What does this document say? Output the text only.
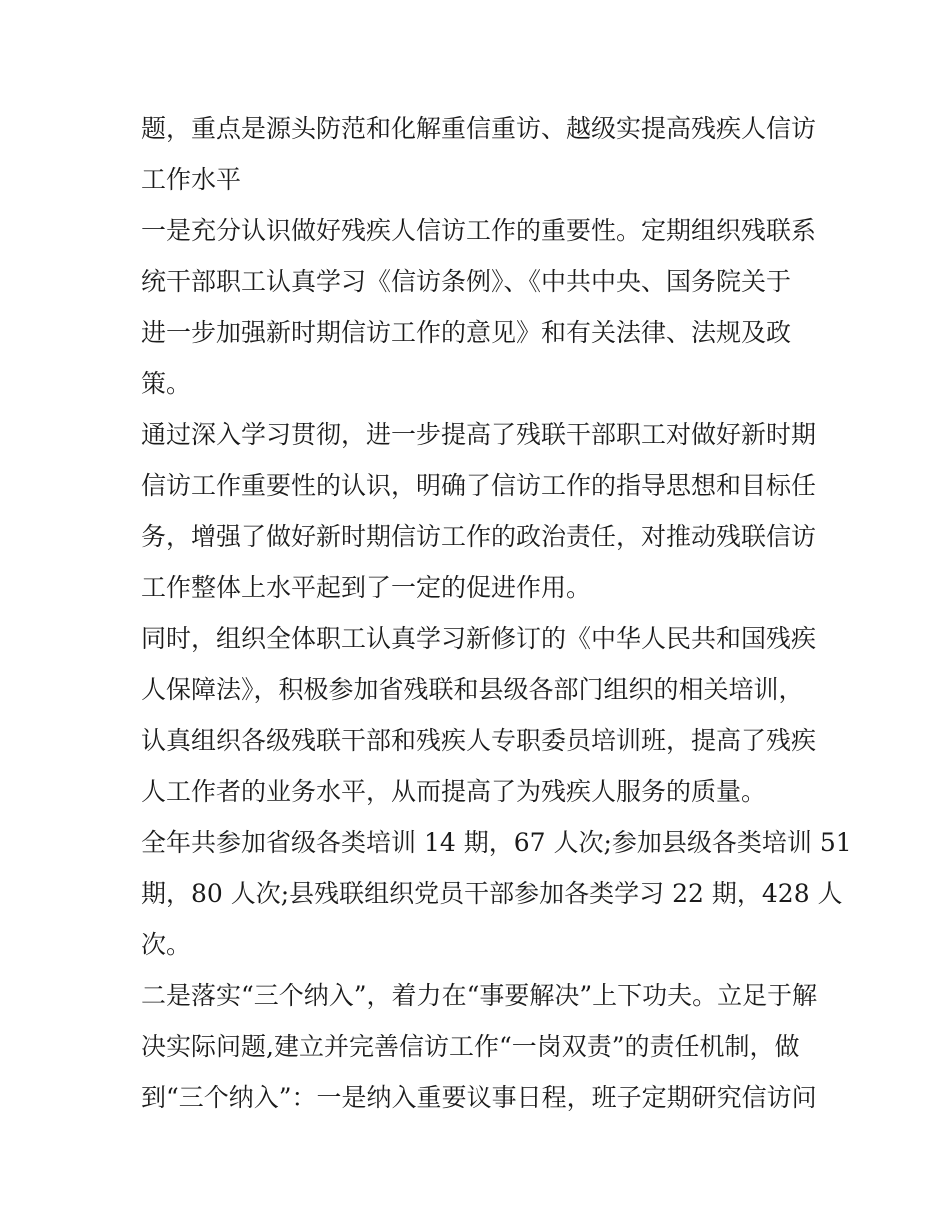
题，重点是源头防范和化解重信重访、越级实提高残疾人信访
工作水平
一是充分认识做好残疾人信访工作的重要性。定期组织残联系
统干部职工认真学习《信访条例》、《中共中央、国务院关于
进一步加强新时期信访工作的意见》和有关法律、法规及政
策。
通过深入学习贯彻，进一步提高了残联干部职工对做好新时期
信访工作重要性的认识，明确了信访工作的指导思想和目标任
务，增强了做好新时期信访工作的政治责任，对推动残联信访
工作整体上水平起到了一定的促进作用。
同时，组织全体职工认真学习新修订的《中华人民共和国残疾
人保障法》，积极参加省残联和县级各部门组织的相关培训，
认真组织各级残联干部和残疾人专职委员培训班，提高了残疾
人工作者的业务水平，从而提高了为残疾人服务的质量。
全年共参加省级各类培训 14 期，67 人次;参加县级各类培训 51
期，80 人次;县残联组织党员干部参加各类学习 22 期，428 人
次。
二是落实“三个纳入”，着力在“事要解决”上下功夫。立足于解
决实际问题,建立并完善信访工作“一岗双责”的责任机制，做
到“三个纳入”：一是纳入重要议事日程，班子定期研究信访问
